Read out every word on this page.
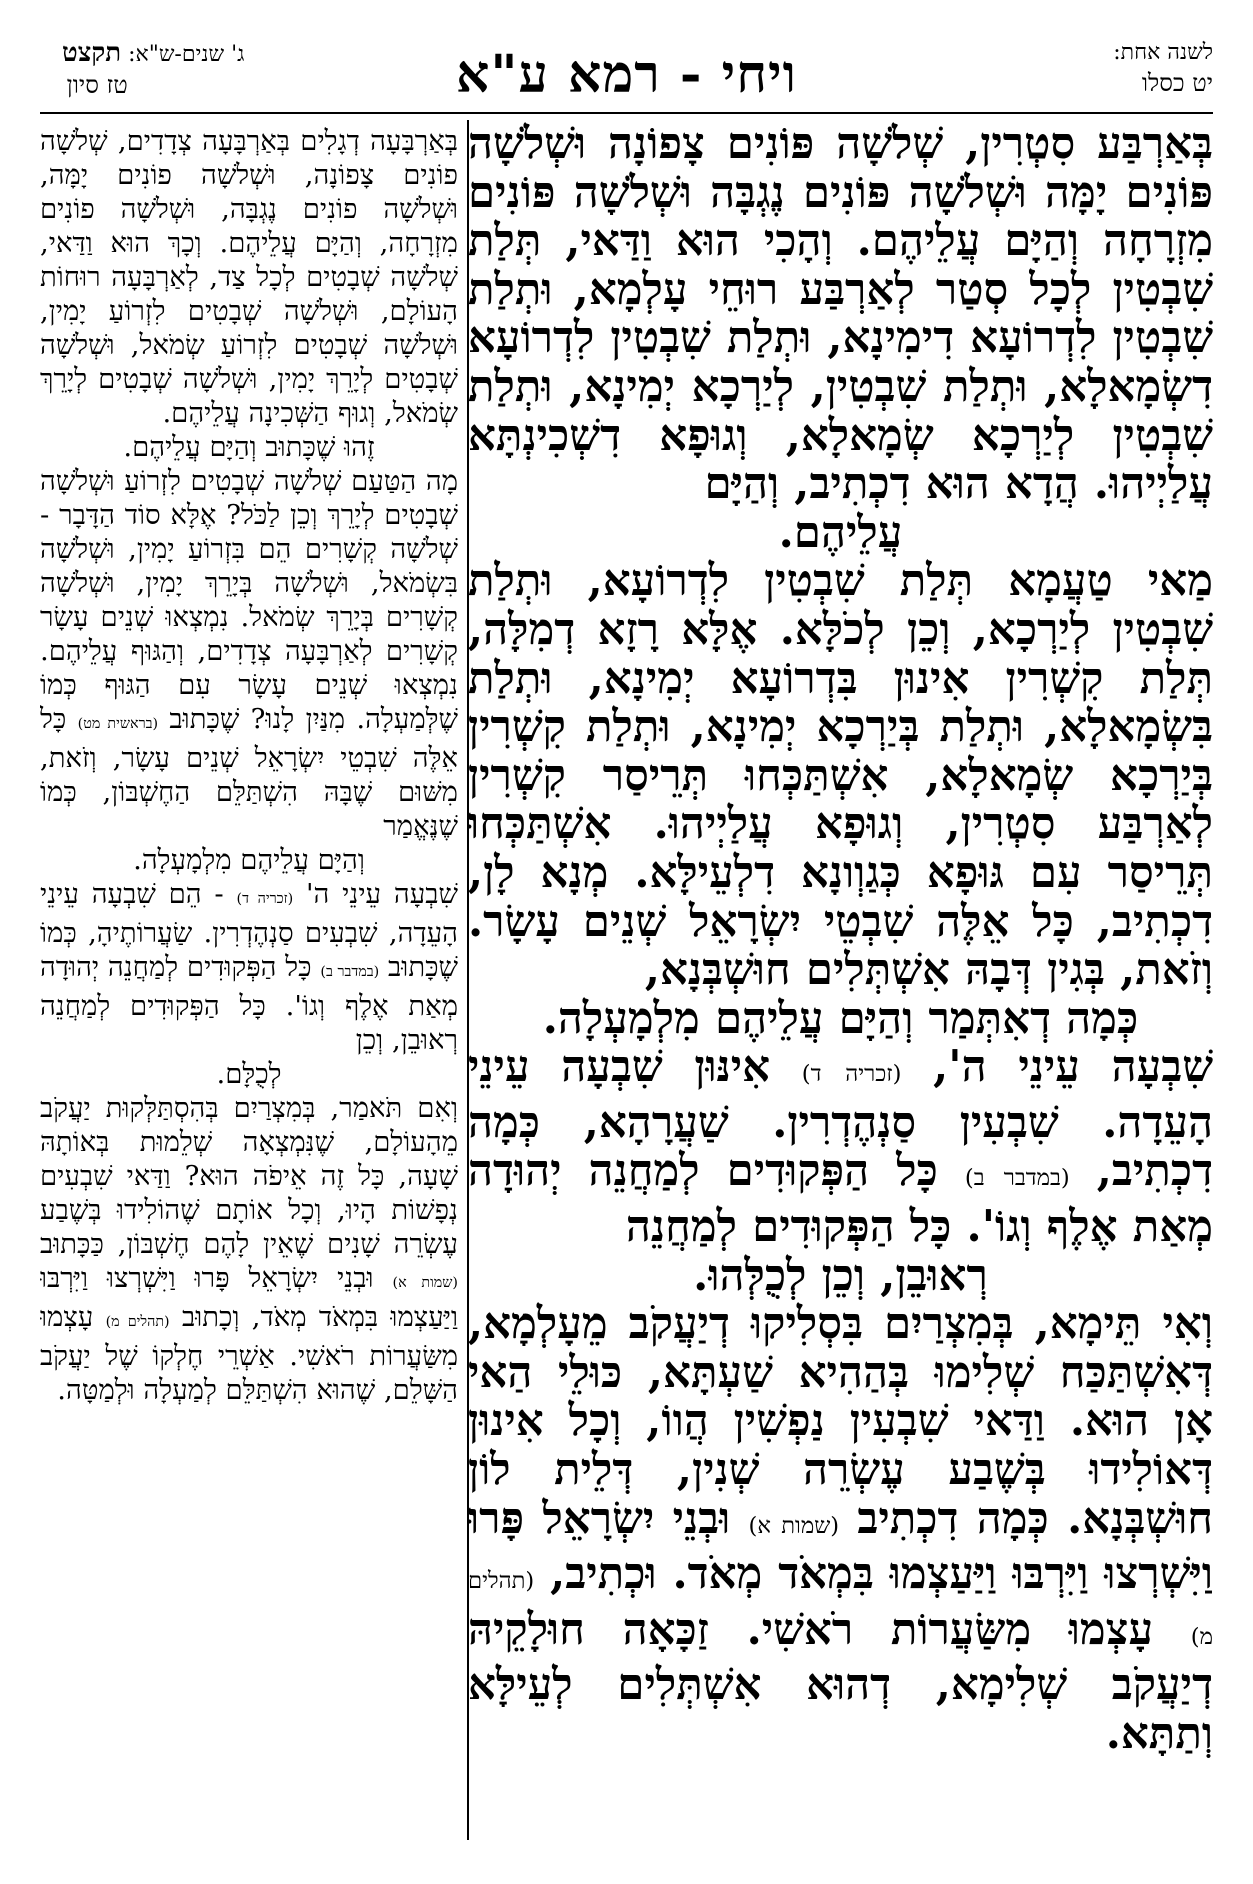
לשנה אחת:
יט כסלו
ויחי - רמא ע"א
ג' שנים-ש"א: תקצט
טז סיון

בְּאַרְבַּע סִטְרִין, שְׁלֹשָׁה פּוֹנִים צָפוֹנָה וּשְׁלֹשָׁה פּוֹנִים יָמָּה וּשְׁלֹשָׁה פּוֹנִים נֶגְבָּה וּשְׁלֹשָׁה פּוֹנִים מִזְרָחָה וְהַיָּם עֲלֵיהֶם. וְהָכִי הוּא וַדַּאי, תְּלַת שִׁבְטִין לְכָל סְטַר לְאַרְבַּע רוּחֵי עָלְמָא, וּתְלַת שִׁבְטִין לִדְרוֹעָא דִימִינָא, וּתְלַת שִׁבְטִין לִדְרוֹעָא דִשְׂמָאלָא, וּתְלַת שִׁבְטִין, לְיַרְכָא יְמִינָא, וּתְלַת שִׁבְטִין לְיַרְכָא שְׂמָאלָא, וְגוּפָא דִשְׁכִינְתָּא עֲלַיְיהוּ. הֲדָא הוּא דִכְתִיב, וְהַיָּם

עֲלֵיהֶם.

מַאי טַעֲמָא תְּלַת שִׁבְטִין לִדְרוֹעָא, וּתְלַת שִׁבְטִין לְיַרְכָא, וְכֵן לְכֹלָּא. אֶלָּא רָזָא דְמִלָּה, תְּלַת קִשְׁרִין אִינוּן בִּדְרוֹעָא יְמִינָא, וּתְלַת בִּשְׂמָאלָא, וּתְלַת בְּיַרְכָא יְמִינָא, וּתְלַת קִשְׁרִין בְּיַרְכָא שְׂמָאלָא, אִשְׁתַּכְּחוּ תְּרֵיסַר קִשְׁרִין לְאַרְבַּע סִטְרִין, וְגוּפָא עֲלַיְיהוּ. אִשְׁתַּכְּחוּ תְּרֵיסַר עִם גּוּפָא כְּגַוְונָא דִלְעֵילָּא. מְנָא לָן, דִכְתִיב, כָּל אֵלֶּה שִׁבְטֵי יִשְׂרָאֵל שְׁנֵים עָשָׂר. וְזֹאת, בְּגִין דְּבָהּ אִשְׁתְּלִים חוּשְׁבְּנָא,

כְּמָה דְאִתְּמַר וְהַיָּם עֲלֵיהֶם מִלְמָעְלָה.

שִׁבְעָה עֵינֵי ה', (זכריה ד) אִינּוּן שִׁבְעָה עֵינֵי הָעֵדָה. שִׁבְעִין סַנְהֶדְרִין. שַׁעֲרָהָא, כְּמָה דִכְתִיב, (במדבר ב) כָּל הַפְּקוּדִים לְמַחֲנֵה יְהוּדָה מְאַת אֶלֶף וְגוֹ'. כָּל הַפְּקוּדִים לְמַחֲנֵה

רְאוּבֵן, וְכֵן לְכֻלְּהוּ.

וְאִי תֵּימָא, בְּמִצְרַיִם בִּסְלִיקוּ דְיַעֲקֹב מֵעָלְמָא, דְּאִשְׁתַּכַּח שְׁלִימוּ בְּהַהִיא שַׁעְתָּא, כּוּלֵי הַאי אָן הוּא. וַדַּאי שִׁבְעִין נַפְשִׁין הֲווֹ, וְכָל אִינוּן דְּאוֹלִידוּ בְּשֶׁבַע עֶשְׂרֵה שְׁנִין, דְּלֵית לוֹן חוּשְׁבְּנָא. כְּמָה דִכְתִיב (שמות א) וּבְנֵי יִשְׂרָאֵל פָּרוּ וַיִּשְׁרְצוּ וַיִּרְבּוּ וַיַּעַצְמוּ בִּמְאֹד מְאֹד. וּכְתִיב, (תהלים מ) עָצְמוּ מִשַּׂעֲרוֹת רֹאשִׁי. זַכָּאָה חוּלָקֵיהּ דְיַעֲקֹב שְׁלִימָא, דְהוּא אִשְׁתְּלִים לְעֵילָּא וְתַתָּא.

בְּאַרְבָּעָה דְגָלִים בְּאַרְבָּעָה צְדָדִים, שְׁלֹשָׁה פוֹנִים צָפוֹנָה, וּשְׁלֹשָׁה פוֹנִים יָמָּה, וּשְׁלֹשָׁה פוֹנִים נֶגְבָּה, וּשְׁלֹשָׁה פוֹנִים מִזְרָחָה, וְהַיָּם עֲלֵיהֶם. וְכָךְ הוּא וַדַּאי, שְׁלֹשָׁה שְׁבָטִים לְכָל צַד, לְאַרְבָּעָה רוּחוֹת הָעוֹלָם, וּשְׁלֹשָׁה שְׁבָטִים לִזְרוֹעַ יָמִין, וּשְׁלֹשָׁה שְׁבָטִים לִזְרוֹעַ שְׂמֹאל, וּשְׁלֹשָׁה שְׁבָטִים לְיָרֵךְ יָמִין, וּשְׁלֹשָׁה שְׁבָטִים לְיָרֵךְ שְׂמֹאל, וְגוּף הַשְּׁכִינָה עֲלֵיהֶם.

זֶהוּ שֶׁכָּתוּב וְהַיָּם עֲלֵיהֶם.

מָה הַטַּעַם שְׁלֹשָׁה שְׁבָטִים לִזְרוֹעַ וּשְׁלֹשָׁה שְׁבָטִים לְיָרֵךְ וְכֵן לַכֹּל? אֶלָּא סוֹד הַדָּבָר - שְׁלֹשָׁה קְשָׁרִים הֵם בִּזְרוֹעַ יָמִין, וּשְׁלֹשָׁה בִּשְׂמֹאל, וּשְׁלֹשָׁה בְּיָרֵךְ יָמִין, וּשְׁלֹשָׁה קְשָׁרִים בְּיָרֵךְ שְׂמֹאל. נִמְצְאוּ שְׁנֵים עָשָׂר קְשָׁרִים לְאַרְבָּעָה צְדָדִים, וְהַגּוּף עֲלֵיהֶם. נִמְצְאוּ שְׁנֵים עָשָׂר עִם הַגּוּף כְּמוֹ שֶׁלְּמַעְלָה. מִנַּיִן לָנוּ? שֶׁכָּתוּב (בראשית מט) כָּל אֵלֶּה שִׁבְטֵי יִשְׂרָאֵל שְׁנֵים עָשָׂר, וְזֹאת, מִשּׁוּם שֶׁבָּהּ הִשְׁתַּלֵּם הַחֶשְׁבּוֹן, כְּמוֹ שֶׁנֶּאֱמַר

וְהַיָּם עֲלֵיהֶם מִלְמָעְלָה.

שִׁבְעָה עֵינֵי ה' (זכריה ד) - הֵם שִׁבְעָה עֵינֵי הָעֵדָה, שִׁבְעִים סַנְהֶדְרִין. שַׂעֲרוֹתֶיהָ, כְּמוֹ שֶׁכָּתוּב (במדבר ב) כָּל הַפְּקוּדִים לְמַחֲנֵה יְהוּדָה מְאַת אֶלֶף וְגוֹ'. כָּל הַפְּקוּדִים לְמַחֲנֵה רְאוּבֵן, וְכֵן

לְכֻלָּם.

וְאִם תֹּאמַר, בְּמִצְרַיִם בְּהִסְתַּלְּקוּת יַעֲקֹב מֵהָעוֹלָם, שֶׁנִּמְצְאָה שְׁלֵמוּת בְּאוֹתָהּ שָׁעָה, כָּל זֶה אֵיפֹה הוּא? וַדַּאי שִׁבְעִים נְפָשׁוֹת הָיוּ, וְכָל אוֹתָם שֶׁהוֹלִידוּ בְּשֶׁבַע עֶשְׂרֵה שָׁנִים שֶׁאֵין לָהֶם חֶשְׁבּוֹן, כַּכָּתוּב (שמות א) וּבְנֵי יִשְׂרָאֵל פָּרוּ וַיִּשְׁרְצוּ וַיִּרְבּוּ וַיַּעַצְמוּ בִּמְאֹד מְאֹד, וְכָתוּב (תהלים מ) עָצְמוּ מִשַּׂעֲרוֹת רֹאשִׁי. אַשְׁרֵי חֶלְקוֹ שֶׁל יַעֲקֹב הַשָּׁלֵם, שֶׁהוּא הִשְׁתַּלֵּם לְמַעְלָה וּלְמַטָּה.
